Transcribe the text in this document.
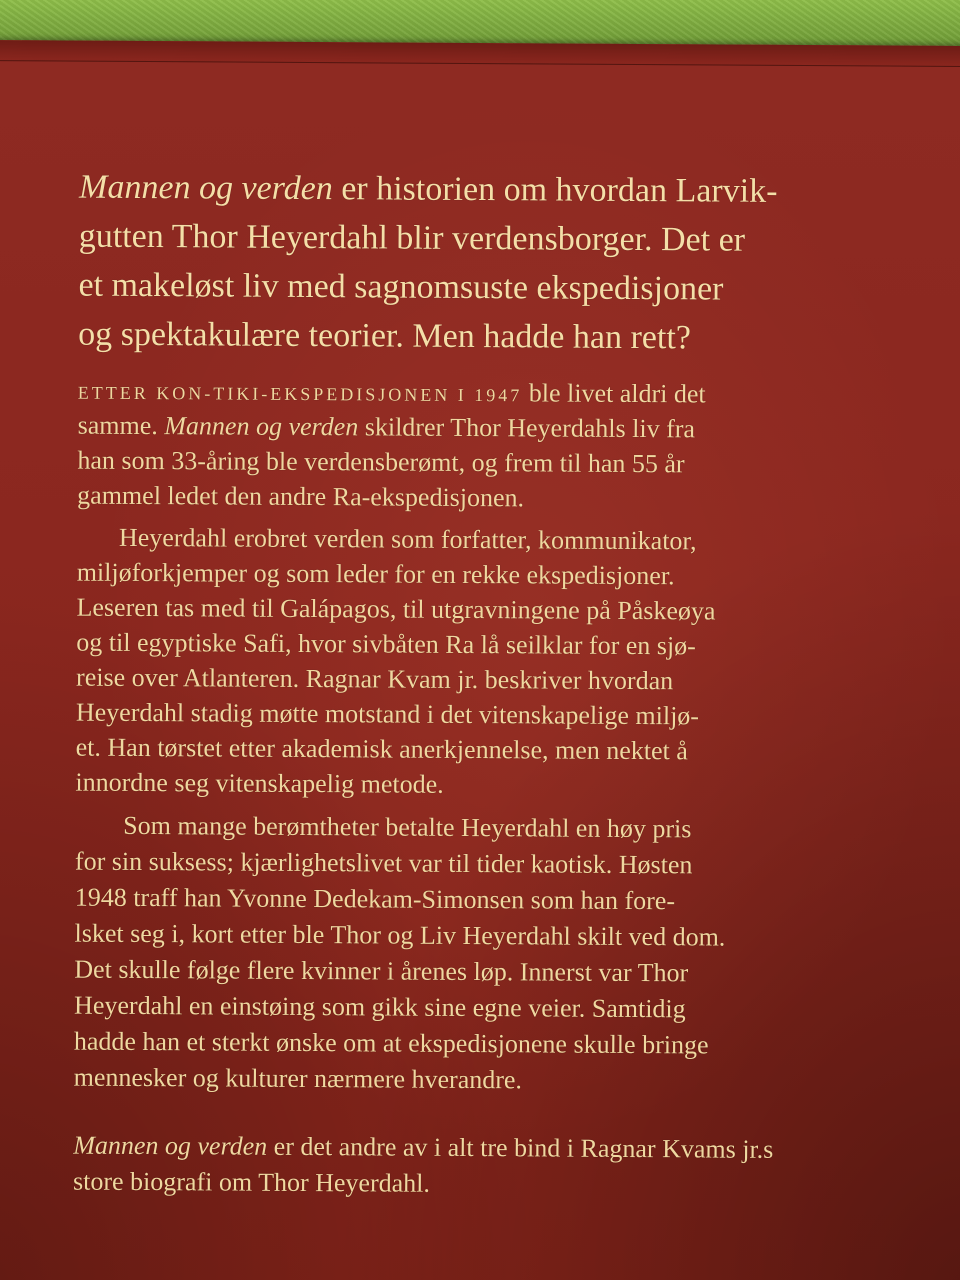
Mannen og verden er historien om hvordan Larvik-
gutten Thor Heyerdahl blir verdensborger. Det er
et makeløst liv med sagnomsuste ekspedisjoner
og spektakulære teorier. Men hadde han rett?
ETTER KON-TIKI-EKSPEDISJONEN I 1947 ble livet aldri det
samme. Mannen og verden skildrer Thor Heyerdahls liv fra
han som 33-åring ble verdensberømt, og frem til han 55 år
gammel ledet den andre Ra-ekspedisjonen.
Heyerdahl erobret verden som forfatter, kommunikator,
miljøforkjemper og som leder for en rekke ekspedisjoner.
Leseren tas med til Galápagos, til utgravningene på Påskeøya
og til egyptiske Safi, hvor sivbåten Ra lå seilklar for en sjø-
reise over Atlanteren. Ragnar Kvam jr. beskriver hvordan
Heyerdahl stadig møtte motstand i det vitenskapelige miljø-
et. Han tørstet etter akademisk anerkjennelse, men nektet å
innordne seg vitenskapelig metode.
Som mange berømtheter betalte Heyerdahl en høy pris
for sin suksess; kjærlighetslivet var til tider kaotisk. Høsten
1948 traff han Yvonne Dedekam-Simonsen som han fore-
lsket seg i, kort etter ble Thor og Liv Heyerdahl skilt ved dom.
Det skulle følge flere kvinner i årenes løp. Innerst var Thor
Heyerdahl en einstøing som gikk sine egne veier. Samtidig
hadde han et sterkt ønske om at ekspedisjonene skulle bringe
mennesker og kulturer nærmere hverandre.
Mannen og verden er det andre av i alt tre bind i Ragnar Kvams jr.s
store biografi om Thor Heyerdahl.
